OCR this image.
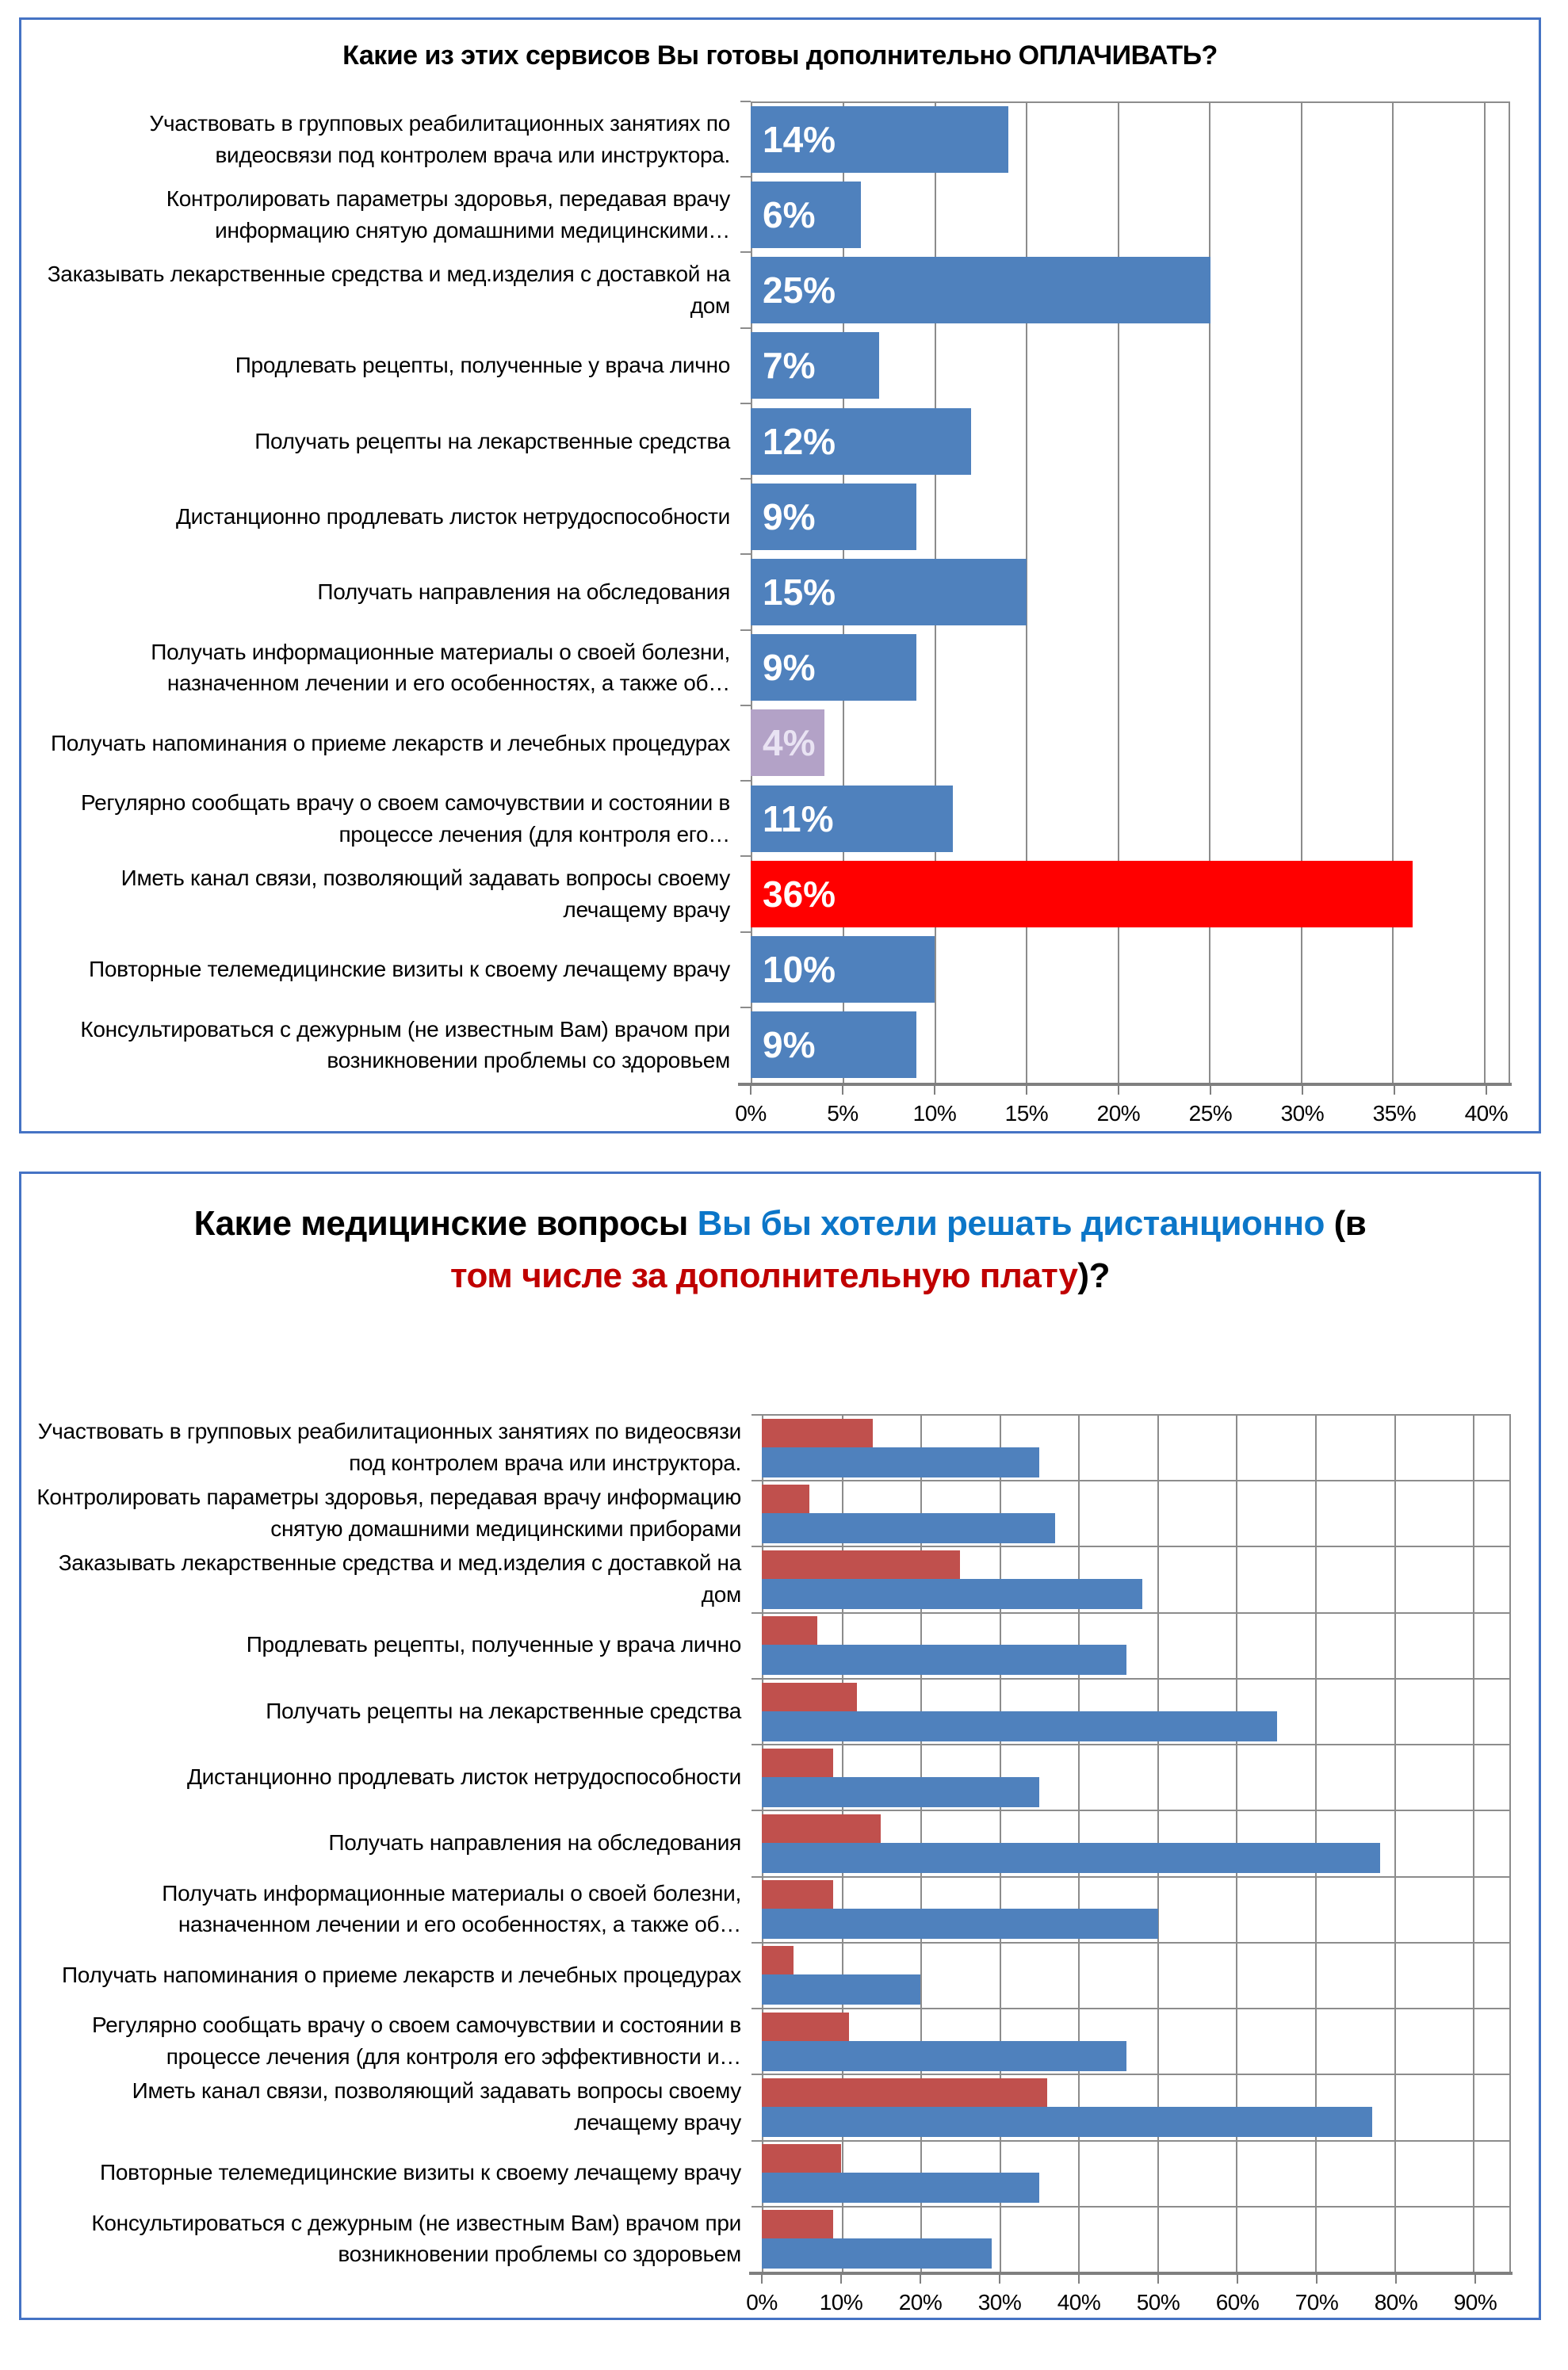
Какие из этих сервисов Вы готовы дополнительно ОПЛАЧИВАТЬ?
0%	5% 10% 15% 20% 25% 30% 35% 40%
Участвовать в групповых реабилитационных занятиях по видеосвязи под контролем врача или инструктора. 14%
Контролировать параметры здоровья, передавая врачу информацию снятую домашними медицинскими… 6%
Заказывать лекарственные средства и мед.изделия с доставкой на дом 25%
Продлевать рецепты, полученные у врача лично 7%
Получать рецепты на лекарственные средства 12%
Дистанционно продлевать листок нетрудоспособности 9%
Получать направления на обследования 15%
Получать информационные материалы о своей болезни, назначенном лечении и его особенностях, а также об… 9%
Получать напоминания о приеме лекарств и лечебных процедурах 4%
Регулярно сообщать врачу о своем самочувствии и состоянии в процессе лечения (для контроля его… 11%
Иметь канал связи, позволяющий задавать вопросы своему лечащему врачу 36%
Повторные телемедицинские визиты к своему лечащему врачу 10%
Консультироваться с дежурным (не известным Вам) врачом при возникновении проблемы со здоровьем 9%
Какие медицинские вопросы Вы бы хотели решать дистанционно (в том числе за дополнительную плату)?
0% 10% 20% 30% 40% 50% 60% 70% 80% 90%
Участвовать в групповых реабилитационных занятиях по видеосвязи под контролем врача или инструктора.
Контролировать параметры здоровья, передавая врачу информацию снятую домашними медицинскими приборами
Заказывать лекарственные средства и мед.изделия с доставкой на дом
Продлевать рецепты, полученные у врача лично
Получать рецепты на лекарственные средства
Дистанционно продлевать листок нетрудоспособности
Получать направления на обследования
Получать информационные материалы о своей болезни, назначенном лечении и его особенностях, а также об…
Получать напоминания о приеме лекарств и лечебных процедурах
Регулярно сообщать врачу о своем самочувствии и состоянии в процессе лечения (для контроля его эффективности и…
Иметь канал связи, позволяющий задавать вопросы своему лечащему врачу
Повторные телемедицинские визиты к своему лечащему врачу
Консультироваться с дежурным (не известным Вам) врачом при возникновении проблемы со здоровьем
